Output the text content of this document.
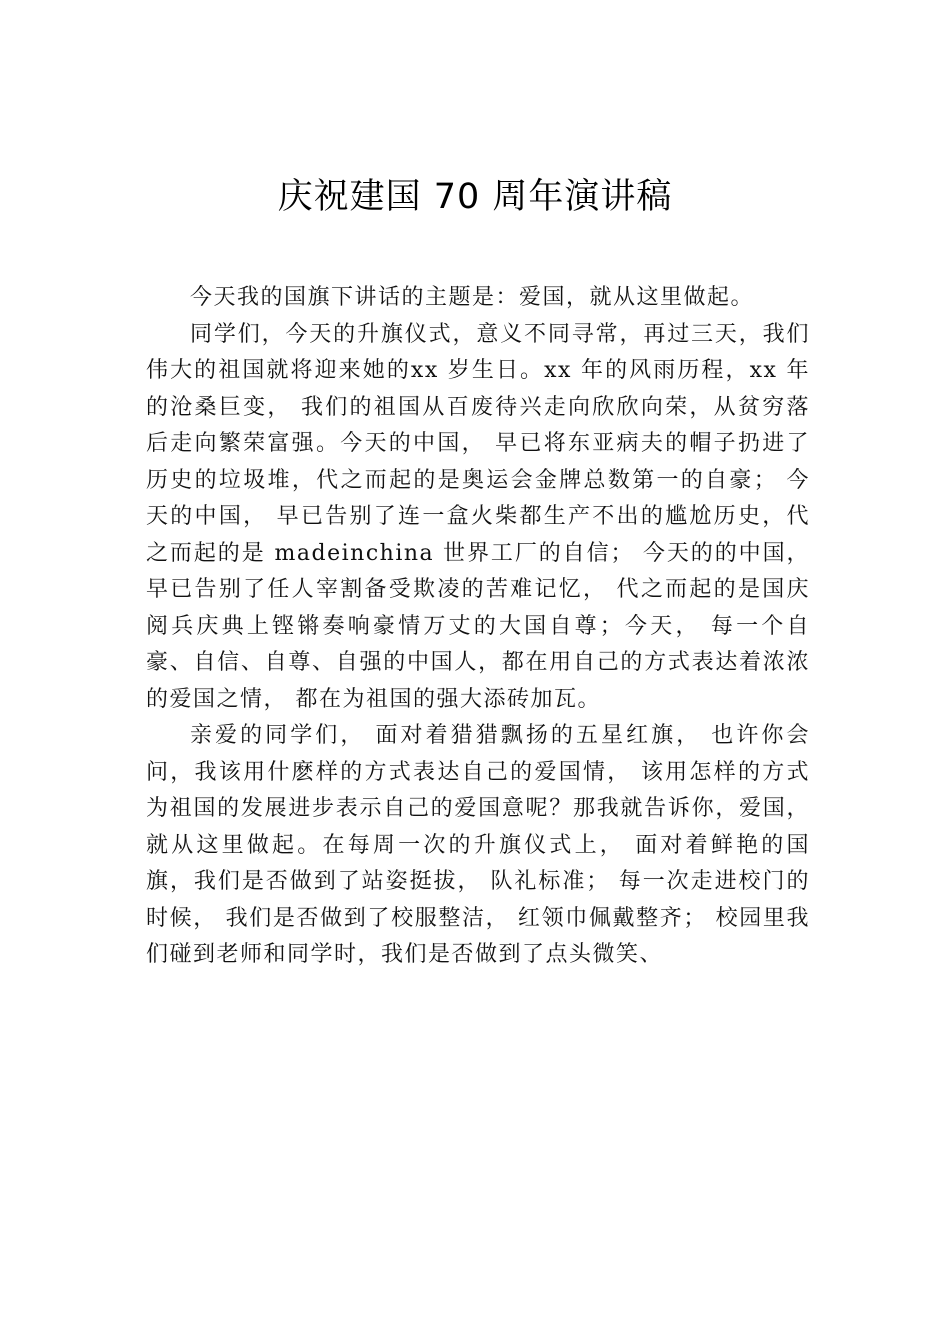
庆祝建国 70 周年演讲稿

今天我的国旗下讲话的主题是：爱国，就从这里做起。

同学们，今天的升旗仪式，意义不同寻常，再过三天，我们伟大的祖国就将迎来她的xx 岁生日。xx 年的风雨历程，xx 年的沧桑巨变， 我们的祖国从百废待兴走向欣欣向荣，从贫穷落后走向繁荣富强。今天的中国， 早已将东亚病夫的帽子扔进了历史的垃圾堆，代之而起的是奥运会金牌总数第一的自豪； 今天的中国， 早已告别了连一盒火柴都生产不出的尴尬历史，代之而起的是 madeinchina 世界工厂的自信； 今天的的中国， 早已告别了任人宰割备受欺凌的苦难记忆， 代之而起的是国庆阅兵庆典上铿锵奏响豪情万丈的大国自尊；今天， 每一个自豪、自信、自尊、自强的中国人，都在用自己的方式表达着浓浓的爱国之情， 都在为祖国的强大添砖加瓦。

亲爱的同学们， 面对着猎猎飘扬的五星红旗， 也许你会问，我该用什麽样的方式表达自己的爱国情， 该用怎样的方式为祖国的发展进步表示自己的爱国意呢？那我就告诉你，爱国， 就从这里做起。在每周一次的升旗仪式上， 面对着鲜艳的国旗，我们是否做到了站姿挺拔， 队礼标准； 每一次走进校门的时候， 我们是否做到了校服整洁， 红领巾佩戴整齐； 校园里我们碰到老师和同学时，我们是否做到了点头微笑、
